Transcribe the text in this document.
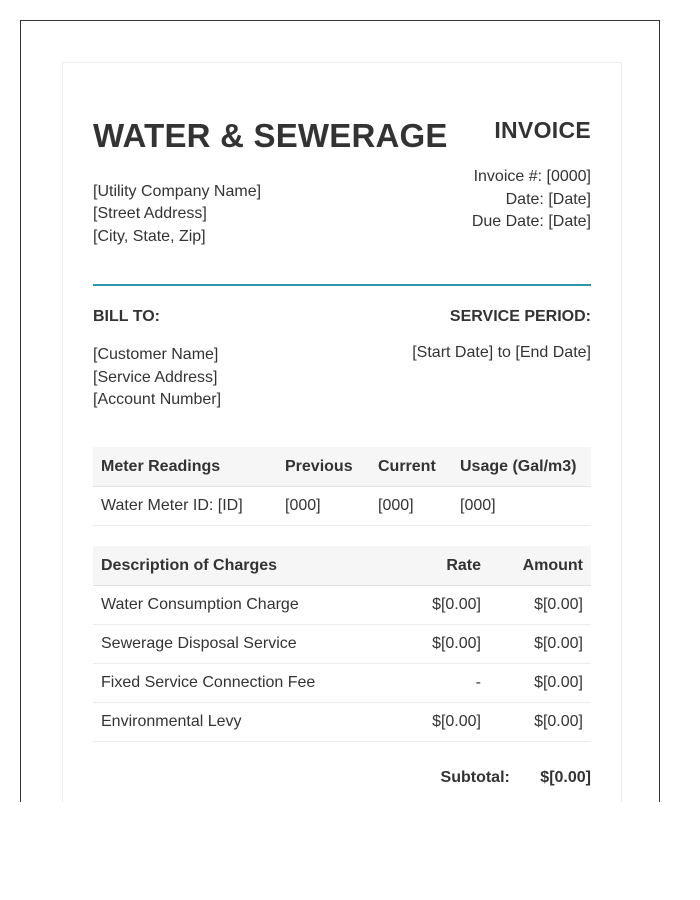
WATER & SEWERAGE
[Utility Company Name]
[Street Address]
[City, State, Zip]
INVOICE
Invoice #: [0000]
Date: [Date]
Due Date: [Date]
BILL TO:	SERVICE PERIOD:
[Customer Name]
[Service Address]
[Account Number]
[Start Date] to [End Date]
Meter Readings	Previous	Current	Usage (Gal/m3)
Water Meter ID: [ID]	[000]	[000]	[000]
Description of Charges	Rate	Amount
Water Consumption Charge	$[0.00]	$[0.00]
Sewerage Disposal Service	$[0.00]	$[0.00]
Fixed Service Connection Fee	-	$[0.00]
Environmental Levy	$[0.00]	$[0.00]
Subtotal: $[0.00]
